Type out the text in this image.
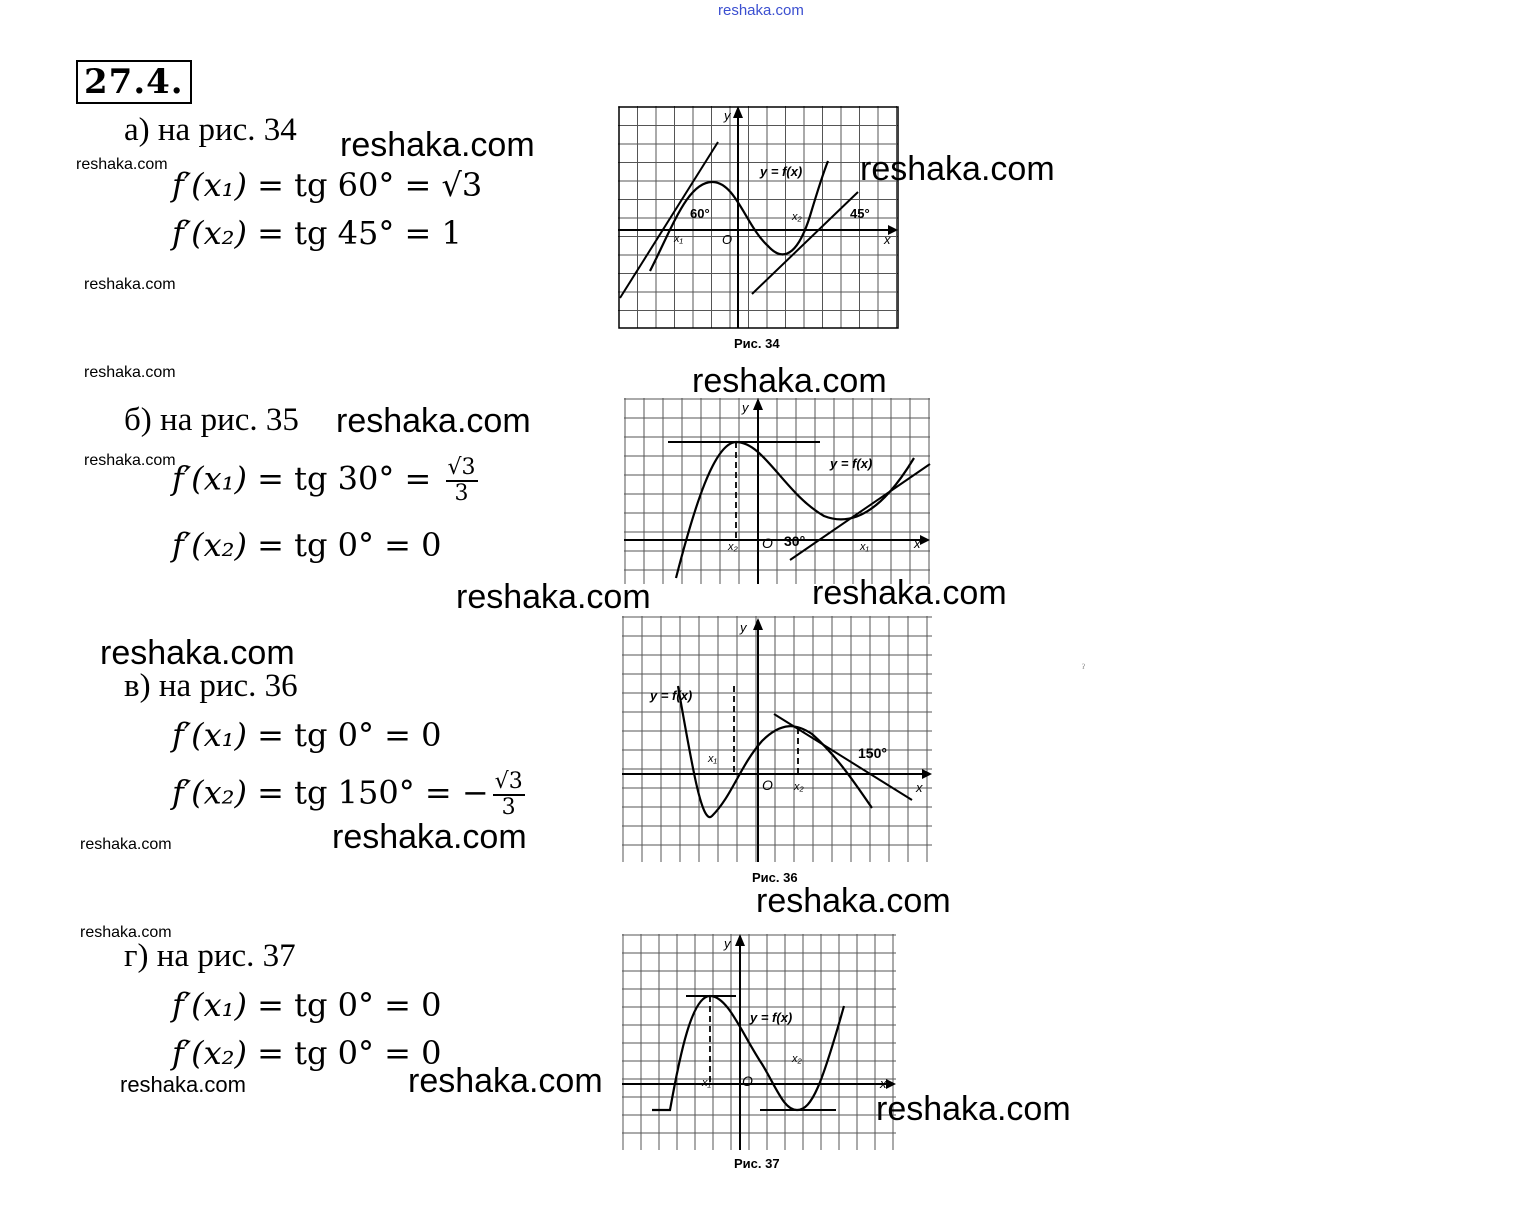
reshaka.com
27.4.
а) на рис. 34
f′(x₁) = tg 60° = √3
f′(x₂) = tg 45° = 1
б) на рис. 35
f′(x₁) = tg $30^\circ = \frac{√3}{3}$
f′(x₂) = tg 0° = 0
в) на рис. 36
f′(x₁) = tg 0° = 0
f′(x₂) = tg 150° = − $\frac{√3}{3}$
г) на рис. 37
f′(x₁) = tg 0° = 0
f′(x₂) = tg 0° = 0
60°	45°
y = f(x)
x₁
x₂
O	x
y
Рис. 34
y = f(x)
30°
x₂	x₁
O	x
y
y = f(x)
150°
x₁
x₂
O	x
y
Рис. 36
y = f(x)
x₁
x₂
O	x
y
Рис. 37
ˀ
reshaka.com
reshaka.com
reshaka.com
reshaka.com
reshaka.com	reshaka.com
reshaka.com
reshaka.com
reshaka.com
reshaka.com
reshaka.com
reshaka.com
reshaka.com
reshaka.com
reshaka.com
reshaka.com
reshaka.com
reshaka.com
